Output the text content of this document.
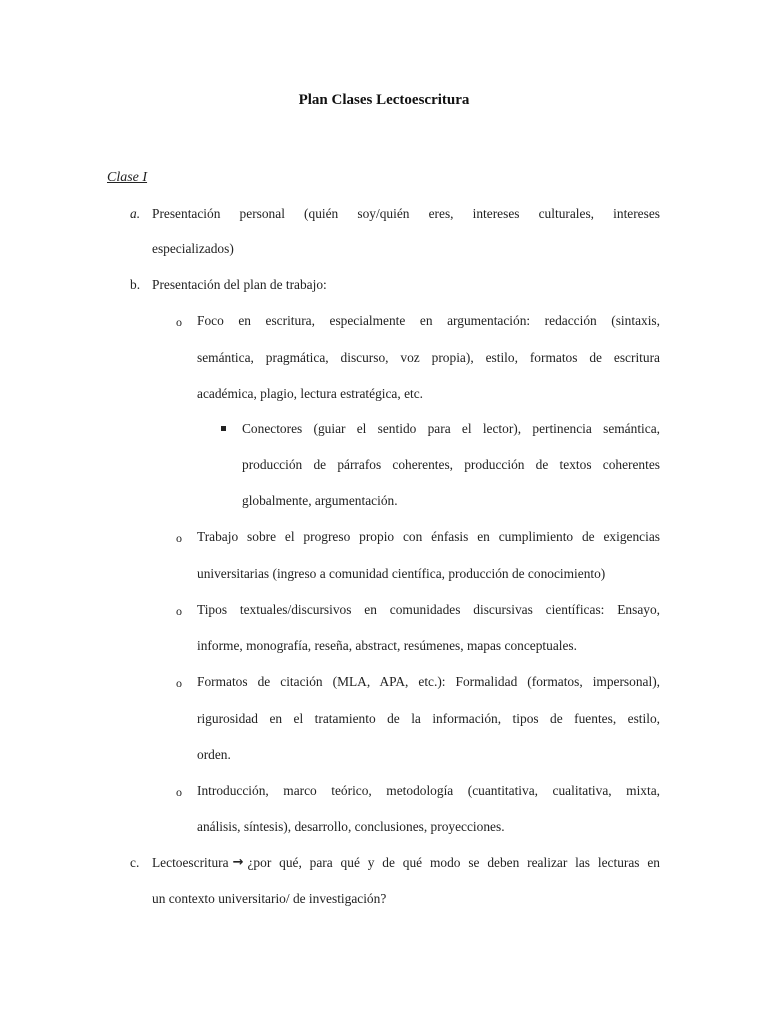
Plan Clases Lectoescritura
Clase I
a. Presentación personal (quién soy/quién eres, intereses culturales, intereses
especializados)
b. Presentación del plan de trabajo:
o Foco en escritura, especialmente en argumentación: redacción (sintaxis,
semántica, pragmática, discurso, voz propia), estilo, formatos de escritura
académica, plagio, lectura estratégica, etc.
Conectores (guiar el sentido para el lector), pertinencia semántica,
producción de párrafos coherentes, producción de textos coherentes
globalmente, argumentación.
o Trabajo sobre el progreso propio con énfasis en cumplimiento de exigencias
universitarias (ingreso a comunidad científica, producción de conocimiento)
o Tipos textuales/discursivos en comunidades discursivas científicas: Ensayo,
informe, monografía, reseña, abstract, resúmenes, mapas conceptuales.
o Formatos de citación (MLA, APA, etc.): Formalidad (formatos, impersonal),
rigurosidad en el tratamiento de la información, tipos de fuentes, estilo,
orden.
o Introducción, marco teórico, metodología (cuantitativa, cualitativa, mixta,
análisis, síntesis), desarrollo, conclusiones, proyecciones.
c. Lectoescritura → ¿por qué, para qué y de qué modo se deben realizar las lecturas en
un contexto universitario/ de investigación?
